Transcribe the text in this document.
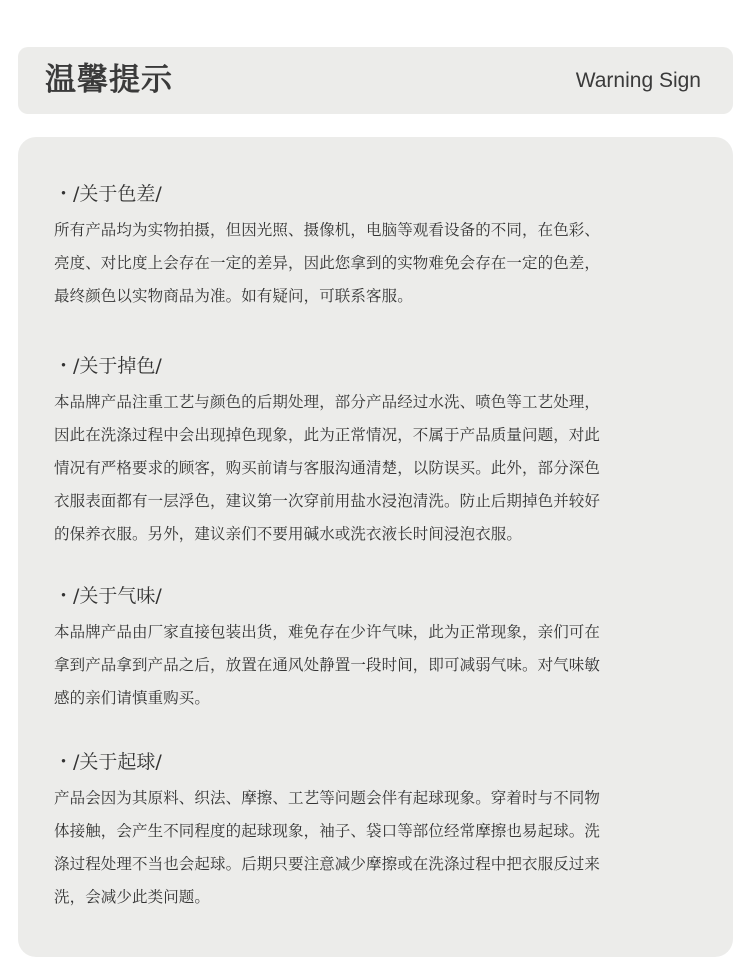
温馨提示	Warning Sign
・/关于色差/
所有产品均为实物拍摄，但因光照、摄像机，电脑等观看设备的不同，在色彩、
亮度、对比度上会存在一定的差异，因此您拿到的实物难免会存在一定的色差，
最终颜色以实物商品为准。如有疑问，可联系客服。
・/关于掉色/
本品牌产品注重工艺与颜色的后期处理，部分产品经过水洗、喷色等工艺处理，
因此在洗涤过程中会出现掉色现象，此为正常情况，不属于产品质量问题，对此
情况有严格要求的顾客，购买前请与客服沟通清楚，以防误买。此外，部分深色
衣服表面都有一层浮色，建议第一次穿前用盐水浸泡清洗。防止后期掉色并较好
的保养衣服。另外，建议亲们不要用碱水或洗衣液长时间浸泡衣服。
・/关于气味/
本品牌产品由厂家直接包装出货，难免存在少许气味，此为正常现象，亲们可在
拿到产品拿到产品之后，放置在通风处静置一段时间，即可减弱气味。对气味敏
感的亲们请慎重购买。
・/关于起球/
产品会因为其原料、织法、摩擦、工艺等问题会伴有起球现象。穿着时与不同物
体接触，会产生不同程度的起球现象，袖子、袋口等部位经常摩擦也易起球。洗
涤过程处理不当也会起球。后期只要注意减少摩擦或在洗涤过程中把衣服反过来
洗，会减少此类问题。
